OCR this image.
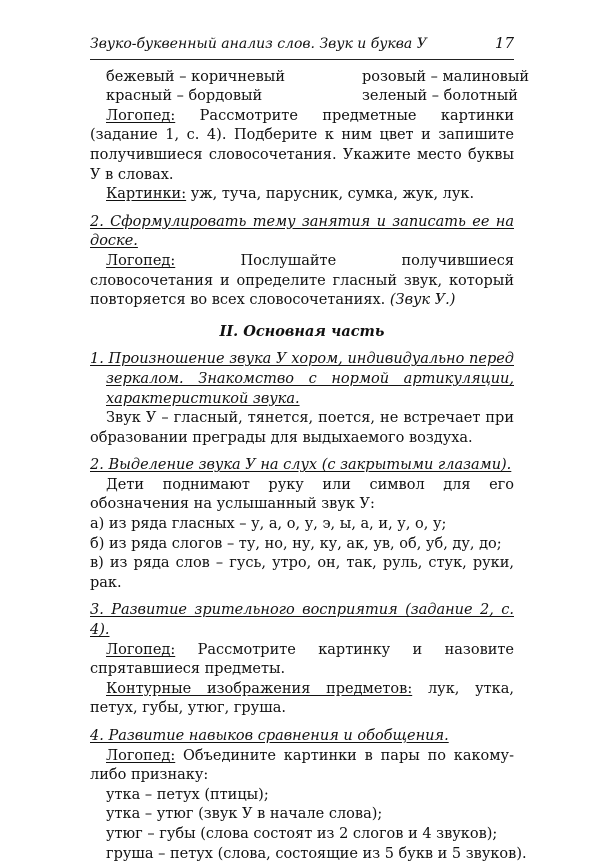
Звуко-буквенный анализ слов. Звук и буква У	17
бежевый – коричневый	розовый – малиновый
красный – бордовый	зеленый – болотный

Логопед: Рассмотрите предметные картинки (задание 1, с. 4). Подберите к ним цвет и запишите получившиеся словосочетания. Укажите место буквы У в словах.

Картинки: уж, туча, парусник, сумка, жук, лук.

2. Сформулировать тему занятия и записать ее на доске.

Логопед: Послушайте получившиеся словосочетания и определите гласный звук, который повторяется во всех словосочетаниях. (Звук У.)

II. Основная часть

1. Произношение звука У хором, индивидуально перед зеркалом. Знакомство с нормой артикуляции, характеристикой звука.

Звук У – гласный, тянется, поется, не встречает при образовании преграды для выдыхаемого воздуха.

2. Выделение звука У на слух (с закрытыми глазами).

Дети поднимают руку или символ для его обозначения на услышанный звук У:

а) из ряда гласных – у, а, о, у, э, ы, а, и, у, о, у;

б) из ряда слогов – ту, но, ну, ку, ак, ув, об, уб, ду, до;

в) из ряда слов – гусь, утро, он, так, руль, стук, руки, рак.

3. Развитие зрительного восприятия (задание 2, с. 4).

Логопед: Рассмотрите картинку и назовите спрятавшиеся предметы.

Контурные изображения предметов: лук, утка, петух, губы, утюг, груша.

4. Развитие навыков сравнения и обобщения.

Логопед: Объедините картинки в пары по какому-либо признаку:

утка – петух (птицы);
утка – утюг (звук У в начале слова);
утюг – губы (слова состоят из 2 слогов и 4 звуков);
груша – петух (слова, состоящие из 5 букв и 5 звуков).
